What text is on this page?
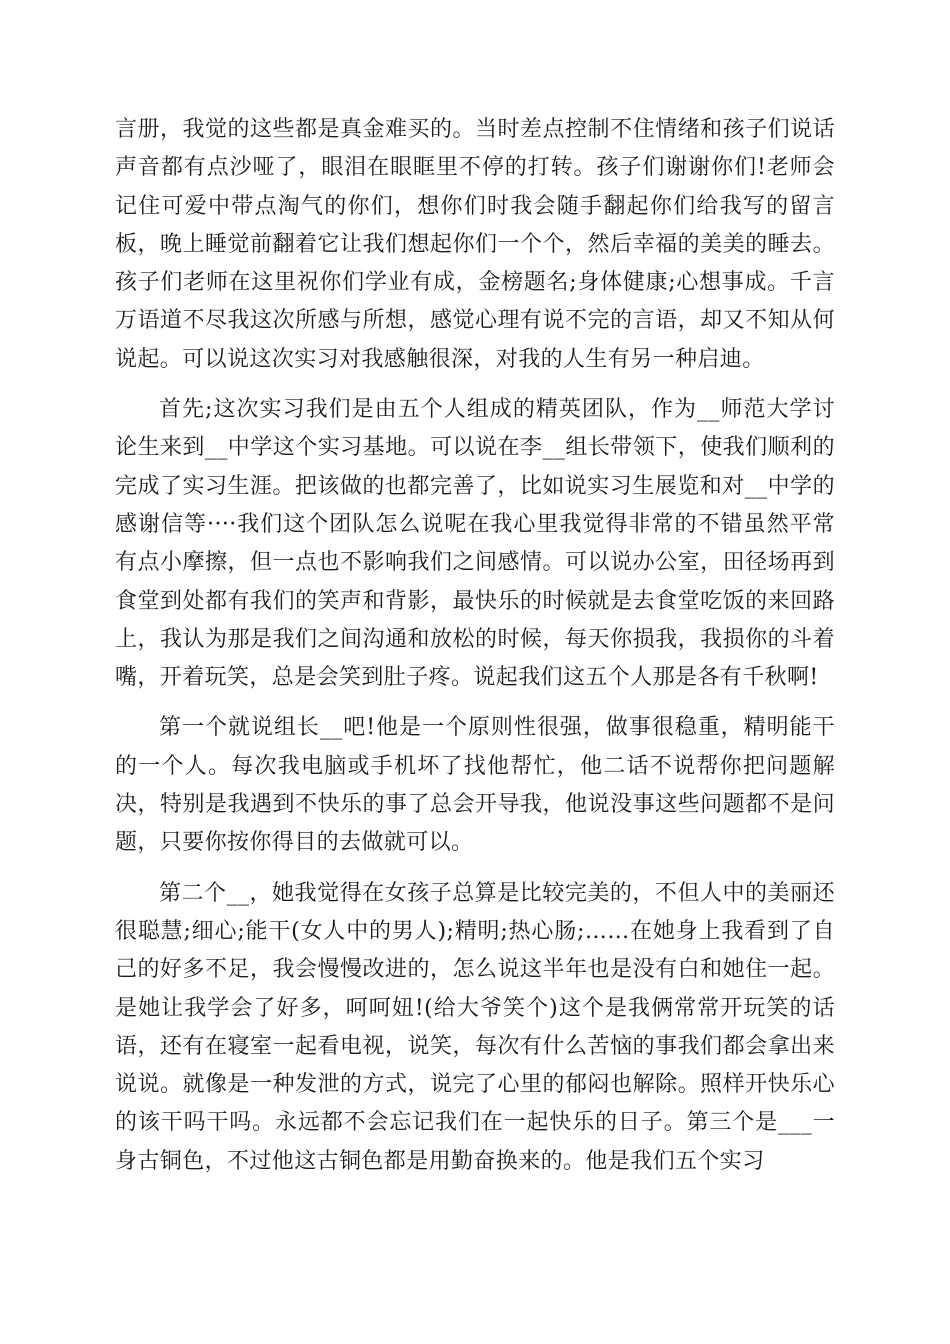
言册，我觉的这些都是真金难买的。当时差点控制不住情绪和孩子们说话声音都有点沙哑了，眼泪在眼眶里不停的打转。孩子们谢谢你们!老师会记住可爱中带点淘气的你们，想你们时我会随手翻起你们给我写的留言板，晚上睡觉前翻着它让我们想起你们一个个，然后幸福的美美的睡去。孩子们老师在这里祝你们学业有成，金榜题名;身体健康;心想事成。千言万语道不尽我这次所感与所想，感觉心理有说不完的言语，却又不知从何说起。可以说这次实习对我感触很深，对我的人生有另一种启迪。

首先;这次实习我们是由五个人组成的精英团队，作为__师范大学讨论生来到__中学这个实习基地。可以说在李__组长带领下，使我们顺利的完成了实习生涯。把该做的也都完善了，比如说实习生展览和对__中学的感谢信等····我们这个团队怎么说呢在我心里我觉得非常的不错虽然平常有点小摩擦，但一点也不影响我们之间感情。可以说办公室，田径场再到食堂到处都有我们的笑声和背影，最快乐的时候就是去食堂吃饭的来回路上，我认为那是我们之间沟通和放松的时候，每天你损我，我损你的斗着嘴，开着玩笑，总是会笑到肚子疼。说起我们这五个人那是各有千秋啊!

第一个就说组长__吧!他是一个原则性很强，做事很稳重，精明能干的一个人。每次我电脑或手机坏了找他帮忙，他二话不说帮你把问题解决，特别是我遇到不快乐的事了总会开导我，他说没事这些问题都不是问题，只要你按你得目的去做就可以。

第二个__，她我觉得在女孩子总算是比较完美的，不但人中的美丽还很聪慧;细心;能干(女人中的男人);精明;热心肠;……在她身上我看到了自己的好多不足，我会慢慢改进的，怎么说这半年也是没有白和她住一起。是她让我学会了好多，呵呵妞!(给大爷笑个)这个是我俩常常开玩笑的话语，还有在寝室一起看电视，说笑，每次有什么苦恼的事我们都会拿出来说说。就像是一种发泄的方式，说完了心里的郁闷也解除。照样开快乐心的该干吗干吗。永远都不会忘记我们在一起快乐的日子。第三个是___一身古铜色，不过他这古铜色都是用勤奋换来的。他是我们五个实习
